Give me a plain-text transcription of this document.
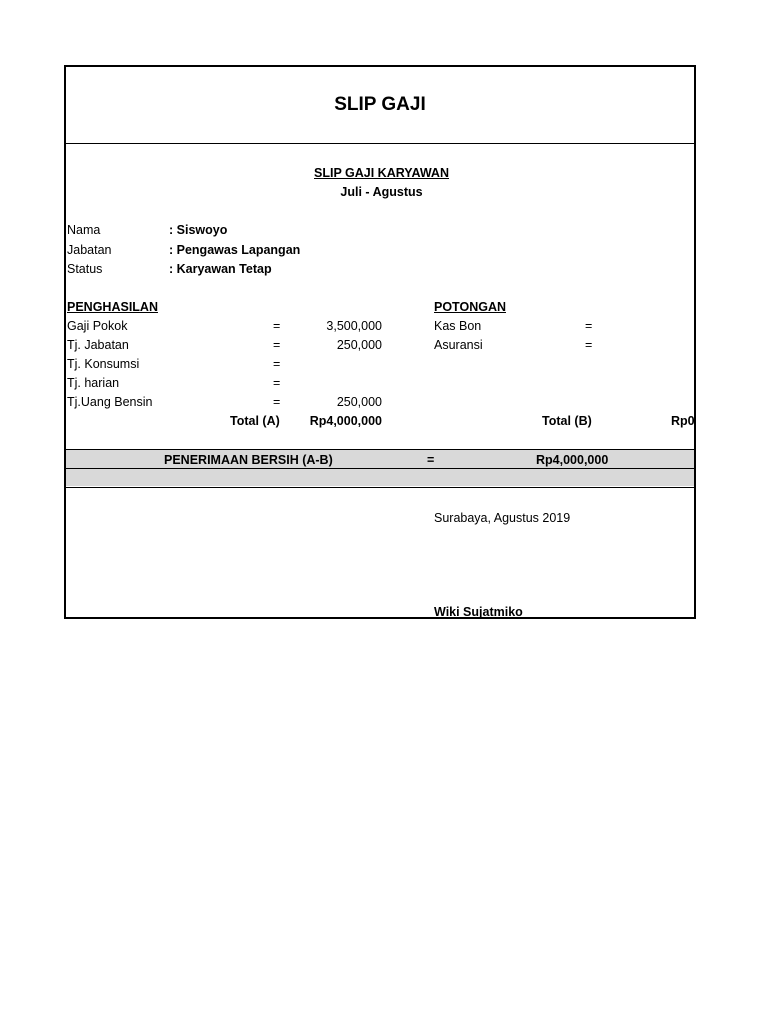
SLIP GAJI
SLIP GAJI KARYAWAN
Juli - Agustus
Nama	: Siswoyo
Jabatan	: Pengawas Lapangan
Status	: Karyawan Tetap
PENGHASILAN
Gaji Pokok	=	3,500,000
Tj. Jabatan	=	250,000
Tj. Konsumsi	=
Tj. harian	=
Tj.Uang Bensin	=	250,000
Total (A)	Rp4,000,000
POTONGAN
Kas Bon	=
Asuransi	=
Total (B)	Rp0
PENERIMAAN BERSIH (A-B)	=	Rp4,000,000
Surabaya, Agustus 2019
Wiki Sujatmiko
